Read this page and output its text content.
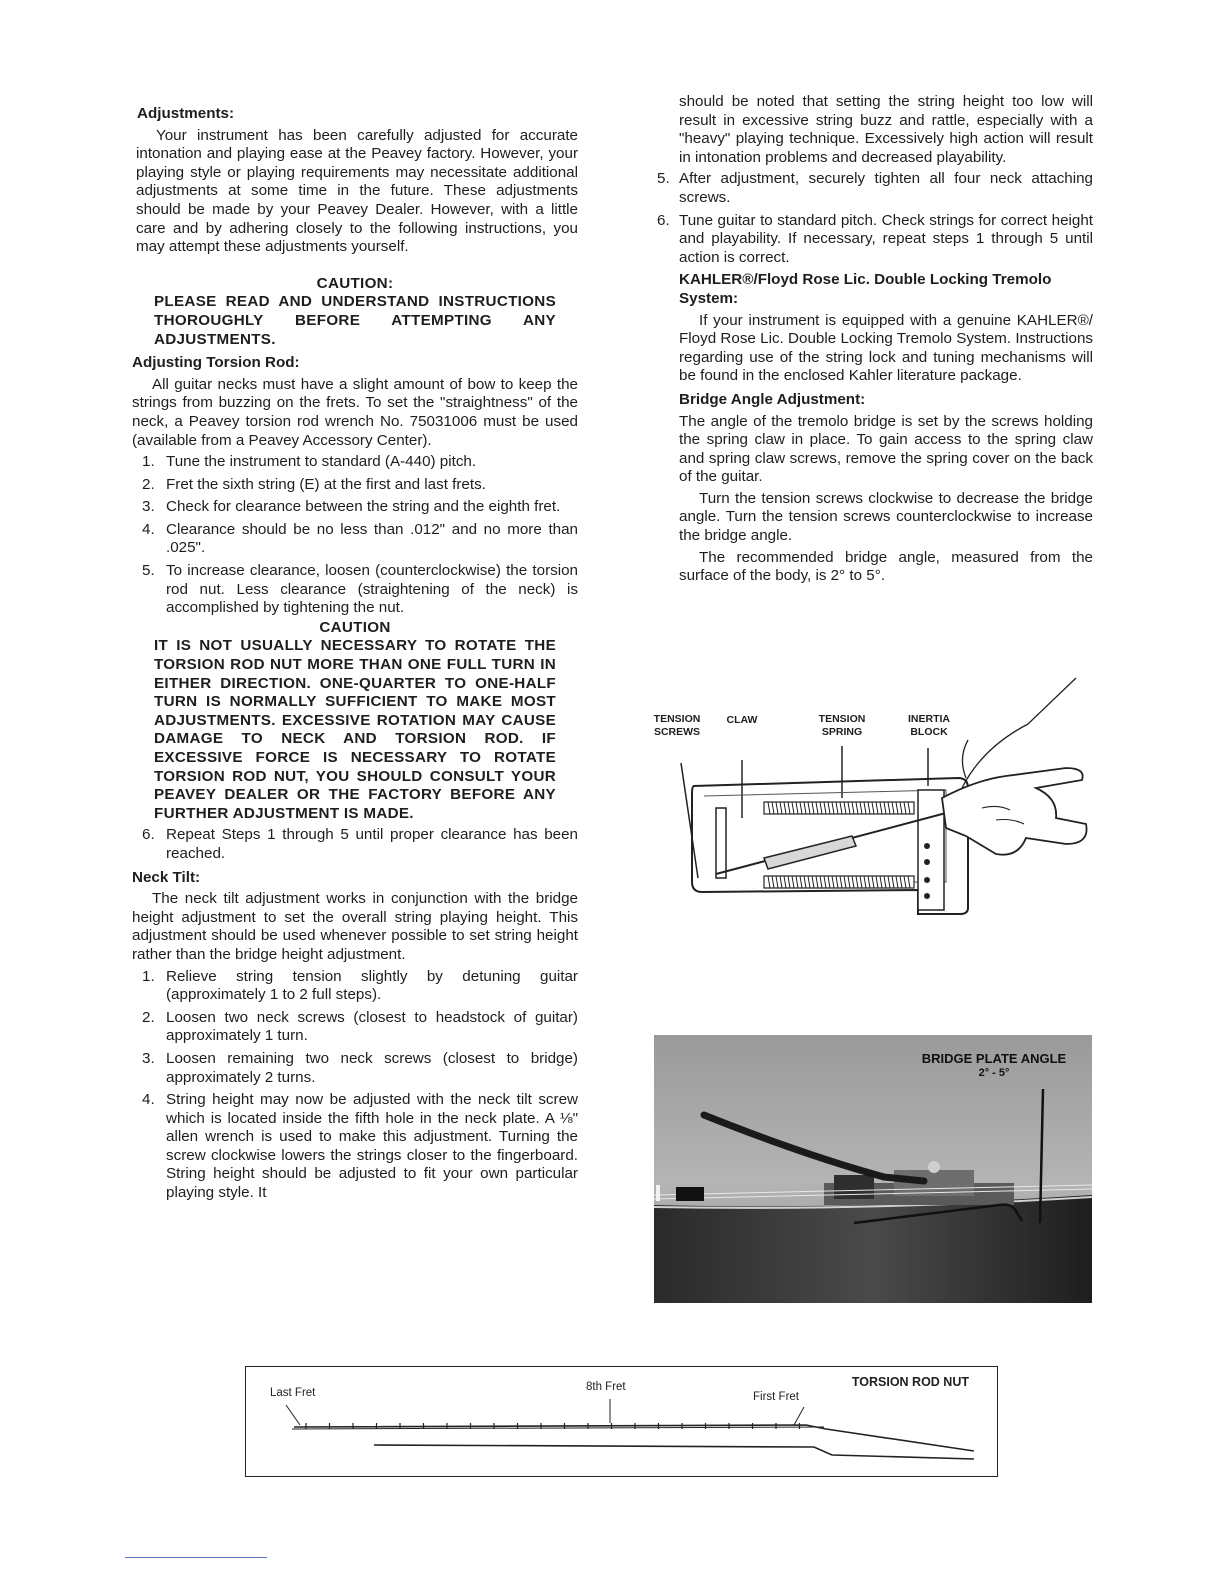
Adjustments:

Your instrument has been carefully adjusted for accurate intonation and playing ease at the Peavey factory. However, your playing style or playing requirements may necessitate additional adjustments at some time in the future. These adjustments should be made by your Peavey Dealer. However, with a little care and by adhering closely to the following instructions, you may attempt these adjustments yourself.

CAUTION:
PLEASE READ AND UNDERSTAND INSTRUCTIONS THOROUGHLY BEFORE ATTEMPTING ANY ADJUSTMENTS.
Adjusting Torsion Rod:

All guitar necks must have a slight amount of bow to keep the strings from buzzing on the frets. To set the "straightness" of the neck, a Peavey torsion rod wrench No. 75031006 must be used (available from a Peavey Accessory Center).

1. Tune the instrument to standard (A-440) pitch.
2. Fret the sixth string (E) at the first and last frets.
3. Check for clearance between the string and the eighth fret.
4. Clearance should be no less than .012" and no more than .025".
5. To increase clearance, loosen (counterclockwise) the torsion rod nut. Less clearance (straightening of the neck) is accomplished by tightening the nut.
CAUTION
IT IS NOT USUALLY NECESSARY TO ROTATE THE TORSION ROD NUT MORE THAN ONE FULL TURN IN EITHER DIRECTION. ONE-QUARTER TO ONE-HALF TURN IS NORMALLY SUFFICIENT TO MAKE MOST ADJUSTMENTS. EXCESSIVE ROTATION MAY CAUSE DAMAGE TO NECK AND TORSION ROD. IF EXCESSIVE FORCE IS NECESSARY TO ROTATE TORSION ROD NUT, YOU SHOULD CONSULT YOUR PEAVEY DEALER OR THE FACTORY BEFORE ANY FURTHER ADJUSTMENT IS MADE.
6. Repeat Steps 1 through 5 until proper clearance has been reached.
Neck Tilt:

The neck tilt adjustment works in conjunction with the bridge height adjustment to set the overall string playing height. This adjustment should be used whenever possible to set string height rather than the bridge height adjustment.

1. Relieve string tension slightly by detuning guitar (approximately 1 to 2 full steps).
2. Loosen two neck screws (closest to headstock of guitar) approximately 1 turn.
3. Loosen remaining two neck screws (closest to bridge) approximately 2 turns.
4. String height may now be adjusted with the neck tilt screw which is located inside the fifth hole in the neck plate. A ⅛" allen wrench is used to make this adjustment. Turning the screw clockwise lowers the strings closer to the fingerboard. String height should be adjusted to fit your own particular playing style. It

should be noted that setting the string height too low will result in excessive string buzz and rattle, especially with a "heavy" playing technique. Excessively high action will result in intonation problems and decreased playability.

5. After adjustment, securely tighten all four neck attaching screws.
6. Tune guitar to standard pitch. Check strings for correct height and playability. If necessary, repeat steps 1 through 5 until action is correct.
KAHLER®/Floyd Rose Lic. Double Locking Tremolo System:

If your instrument is equipped with a genuine KAHLER®/ Floyd Rose Lic. Double Locking Tremolo System. Instructions regarding use of the string lock and tuning mechanisms will be found in the enclosed Kahler literature package.

Bridge Angle Adjustment:

The angle of the tremolo bridge is set by the screws holding the spring claw in place. To gain access to the spring claw and spring claw screws, remove the spring cover on the back of the guitar.

Turn the tension screws clockwise to decrease the bridge angle. Turn the tension screws counterclockwise to increase the bridge angle.

The recommended bridge angle, measured from the surface of the body, is 2° to 5°.

TENSION
SCREWS
CLAW	TENSION
SPRING
INERTIA
BLOCK
BRIDGE PLATE ANGLE
2° - 5°
TORSION ROD NUT
Last Fret	8th Fret
First Fret
